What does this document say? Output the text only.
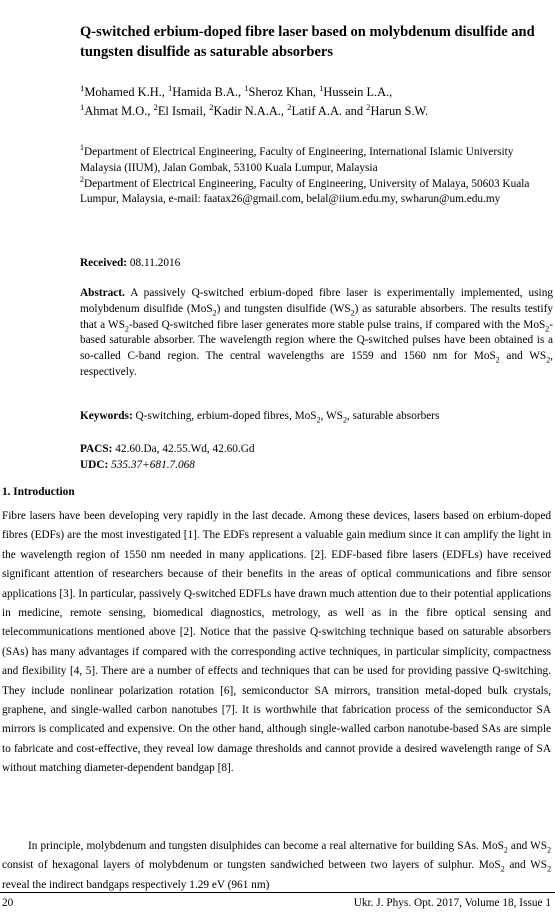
Q-switched erbium-doped fibre laser based on molybdenum disulfide and tungsten disulfide as saturable absorbers
$^1$Mohamed K.H., $^1$Hamida B.A., $^1$Sheroz Khan, $^1$Hussein L.A.,
$^1$Ahmat M.O., $^2$El Ismail, $^2$Kadir N.A.A., $^2$Latif A.A. and $^2$Harun S.W.
$^1$Department of Electrical Engineering, Faculty of Engineering, International Islamic University Malaysia (IIUM), Jalan Gombak, 53100 Kuala Lumpur, Malaysia
$^2$Department of Electrical Engineering, Faculty of Engineering, University of Malaya, 50603 Kuala Lumpur, Malaysia, e-mail: faatax26@gmail.com, belal@iium.edu.my, swharun@um.edu.my
Received: 08.11.2016
Abstract. A passively Q-switched erbium-doped fibre laser is experimentally implemented, using molybdenum disulfide (MoS$_2$) and tungsten disulfide $(WS_2)$ as saturable absorbers. The results testify that a $WS_2$-based Q-switched fibre laser generates more stable pulse trains, if compared with the MoS$_2$-based saturable absorber. The wavelength region where the Q-switched pulses have been obtained is a so-called C-band region. The central wavelengths are 1559 and 1560 nm for MoS$_2$ and $WS_2$, respectively.
Keywords: Q-switching, erbium-doped fibres, MoS$_2$, $WS_2$, saturable absorbers
PACS: 42.60.Da, 42.55.Wd, 42.60.Gd
UDC: 535.37+681.7.068
1. Introduction
Fibre lasers have been developing very rapidly in the last decade. Among these devices, lasers based on erbium-doped fibres (EDFs) are the most investigated [1]. The EDFs represent a valuable gain medium since it can amplify the light in the wavelength region of 1550 nm needed in many applications. [2]. EDF-based fibre lasers (EDFLs) have received significant attention of researchers because of their benefits in the areas of optical communications and fibre sensor applications [3]. In particular, passively Q-switched EDFLs have drawn much attention due to their potential applications in medicine, remote sensing, biomedical diagnostics, metrology, as well as in the fibre optical sensing and telecommunications mentioned above [2]. Notice that the passive Q-switching technique based on saturable absorbers (SAs) has many advantages if compared with the corresponding active techniques, in particular simplicity, compactness and flexibility [4, 5]. There are a number of effects and techniques that can be used for providing passive Q-switching. They include nonlinear polarization rotation [6], semiconductor SA mirrors, transition metal-doped bulk crystals, graphene, and single-walled carbon nanotubes [7]. It is worthwhile that fabrication process of the semiconductor SA mirrors is complicated and expensive. On the other hand, although single-walled carbon nanotube-based SAs are simple to fabricate and cost-effective, they reveal low damage thresholds and cannot provide a desired wavelength range of SA without matching diameter-dependent bandgap [8].
In principle, molybdenum and tungsten disulphides can become a real alternative for building SAs. MoS$_2$ and $WS_2$ consist of hexagonal layers of molybdenum or tungsten sandwiched between two layers of sulphur. MoS$_2$ and $WS_2$ reveal the indirect bandgaps respectively 1.29 eV (961 nm)
20	Ukr. J. Phys. Opt. 2017, Volume 18, Issue 1
